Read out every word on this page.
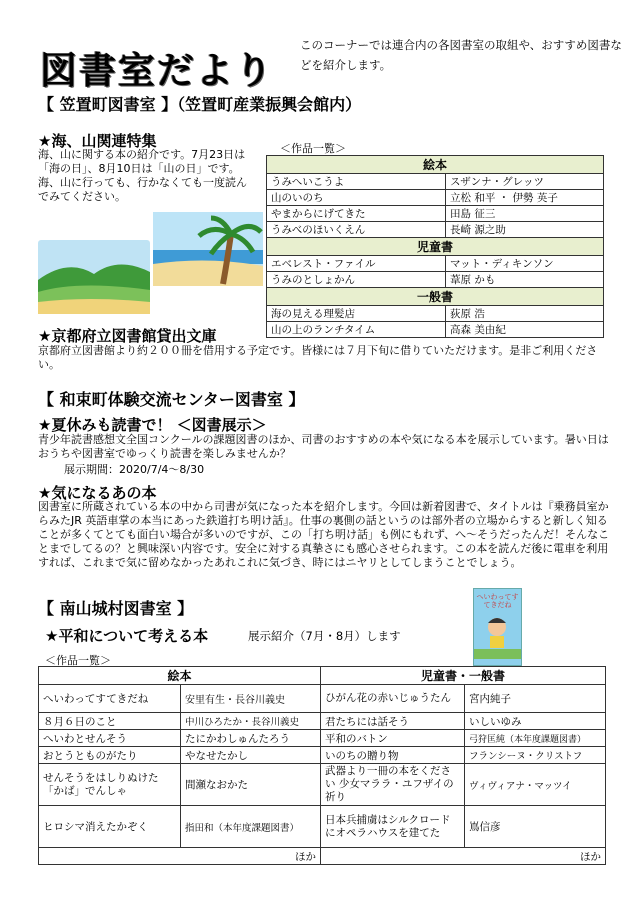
図書室だより
このコーナーでは連合内の各図書室の取組や、おすすめ図書などを紹介します。
【 笠置町図書室 】（笠置町産業振興会館内）
★海、山関連特集
海、山に関する本の紹介です。7月23日は「海の日」、8月10日は「山の日」です。海、山に行っても、行かなくても一度読んでみてください。
＜作品一覧＞
絵本	
うみへいこうよ	スザンナ・グレッツ
山のいのち	立松 和平 ・ 伊勢 英子
やまからにげてきた	田島 征三
うみべのほいくえん	長崎 源之助
児童書	
エベレスト・ファイル	マット・ディキンソン
うみのとしょかん	葦原 かも
一般書	
海の見える理髪店	荻原 浩
山の上のランチタイム	高森 美由紀
★京都府立図書館貸出文庫
京都府立図書館より約２００冊を借用する予定です。皆様には７月下旬に借りていただけます。是非ご利用ください。
【 和束町体験交流センター図書室 】
★夏休みも読書で！ ＜図書展示＞
青少年読書感想文全国コンクールの課題図書のほか、司書のおすすめの本や気になる本を展示しています。暑い日はおうちや図書室でゆっくり読書を楽しみませんか？
展示期間：2020/7/4～8/30
★気になるあの本
図書室に所蔵されている本の中から司書が気になった本を紹介します。今回は新着図書で、タイトルは『乗務員室からみたJR 英語車掌の本当にあった鉄道打ち明け話』。仕事の裏側の話というのは部外者の立場からすると新しく知ることが多くてとても面白い場合が多いのですが、この「打ち明け話」も例にもれず、へ～そうだったんだ！そんなことまでしてるの？と興味深い内容です。安全に対する真摯さにも感心させられます。この本を読んだ後に電車を利用すれば、これまで気に留めなかったあれこれに気づき、時にはニヤリとしてしまうことでしょう。
【 南山城村図書室 】
★平和について考える本	展示紹介（7月・8月）します
へいわってすてきだね
＜作品一覧＞
絵本		児童書・一般書	
へいわってすてきだね	安里有生・長谷川義史	ひがん花の赤いじゅうたん	宮内純子
８月６日のこと	中川ひろたか・長谷川義史	君たちには話そう	いしいゆみ
へいわとせんそう	たにかわしゅんたろう	平和のバトン	弓狩匡純（本年度課題図書）
おとうとものがたり	やなせたかし	いのちの贈り物	フランシーヌ・クリストフ
せんそうをはしりぬけた「かば」でんしゃ	間瀬なおかた	武器より一冊の本をください 少女マララ・ユフザイの祈り	ヴィヴィアナ・マッツイ
ヒロシマ消えたかぞく	指田和（本年度課題図書）	日本兵捕虜はシルクロードにオペラハウスを建てた	嶌信彦
ほか		ほか	
